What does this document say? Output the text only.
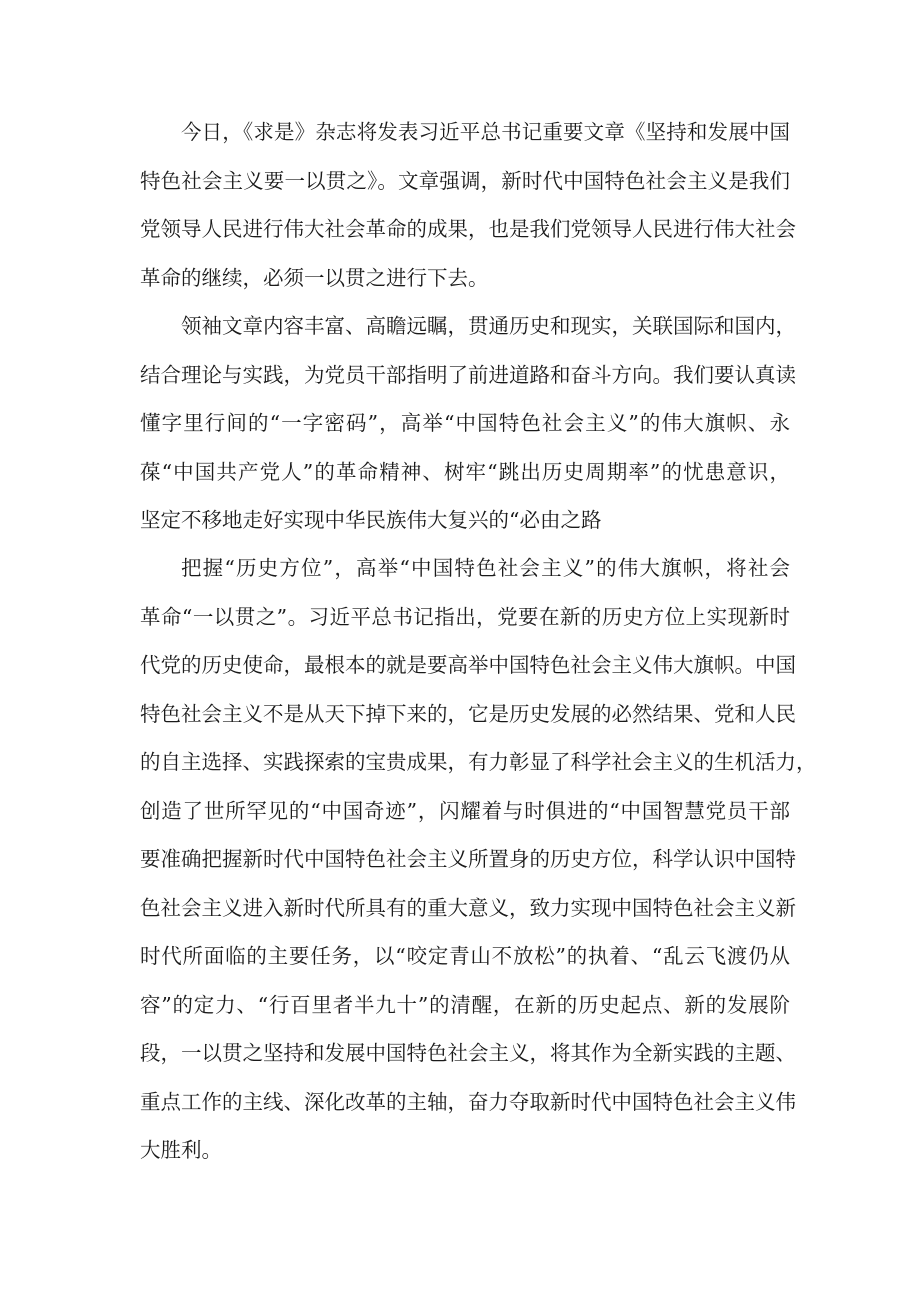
今日，《求是》杂志将发表习近平总书记重要文章《坚持和发展中国
特色社会主义要一以贯之》。文章强调，新时代中国特色社会主义是我们
党领导人民进行伟大社会革命的成果，也是我们党领导人民进行伟大社会
革命的继续，必须一以贯之进行下去。

领袖文章内容丰富、高瞻远瞩，贯通历史和现实，关联国际和国内，
结合理论与实践，为党员干部指明了前进道路和奋斗方向。我们要认真读
懂字里行间的“一字密码”，高举“中国特色社会主义”的伟大旗帜、永
葆“中国共产党人”的革命精神、树牢“跳出历史周期率”的忧患意识，
坚定不移地走好实现中华民族伟大复兴的“必由之路

把握“历史方位”，高举“中国特色社会主义”的伟大旗帜，将社会
革命“一以贯之”。习近平总书记指出，党要在新的历史方位上实现新时
代党的历史使命，最根本的就是要高举中国特色社会主义伟大旗帜。中国
特色社会主义不是从天下掉下来的，它是历史发展的必然结果、党和人民
的自主选择、实践探索的宝贵成果，有力彰显了科学社会主义的生机活力，
创造了世所罕见的“中国奇迹”，闪耀着与时俱进的“中国智慧党员干部
要准确把握新时代中国特色社会主义所置身的历史方位，科学认识中国特
色社会主义进入新时代所具有的重大意义，致力实现中国特色社会主义新
时代所面临的主要任务，以“咬定青山不放松”的执着、“乱云飞渡仍从
容”的定力、“行百里者半九十”的清醒，在新的历史起点、新的发展阶
段，一以贯之坚持和发展中国特色社会主义，将其作为全新实践的主题、
重点工作的主线、深化改革的主轴，奋力夺取新时代中国特色社会主义伟
大胜利。
